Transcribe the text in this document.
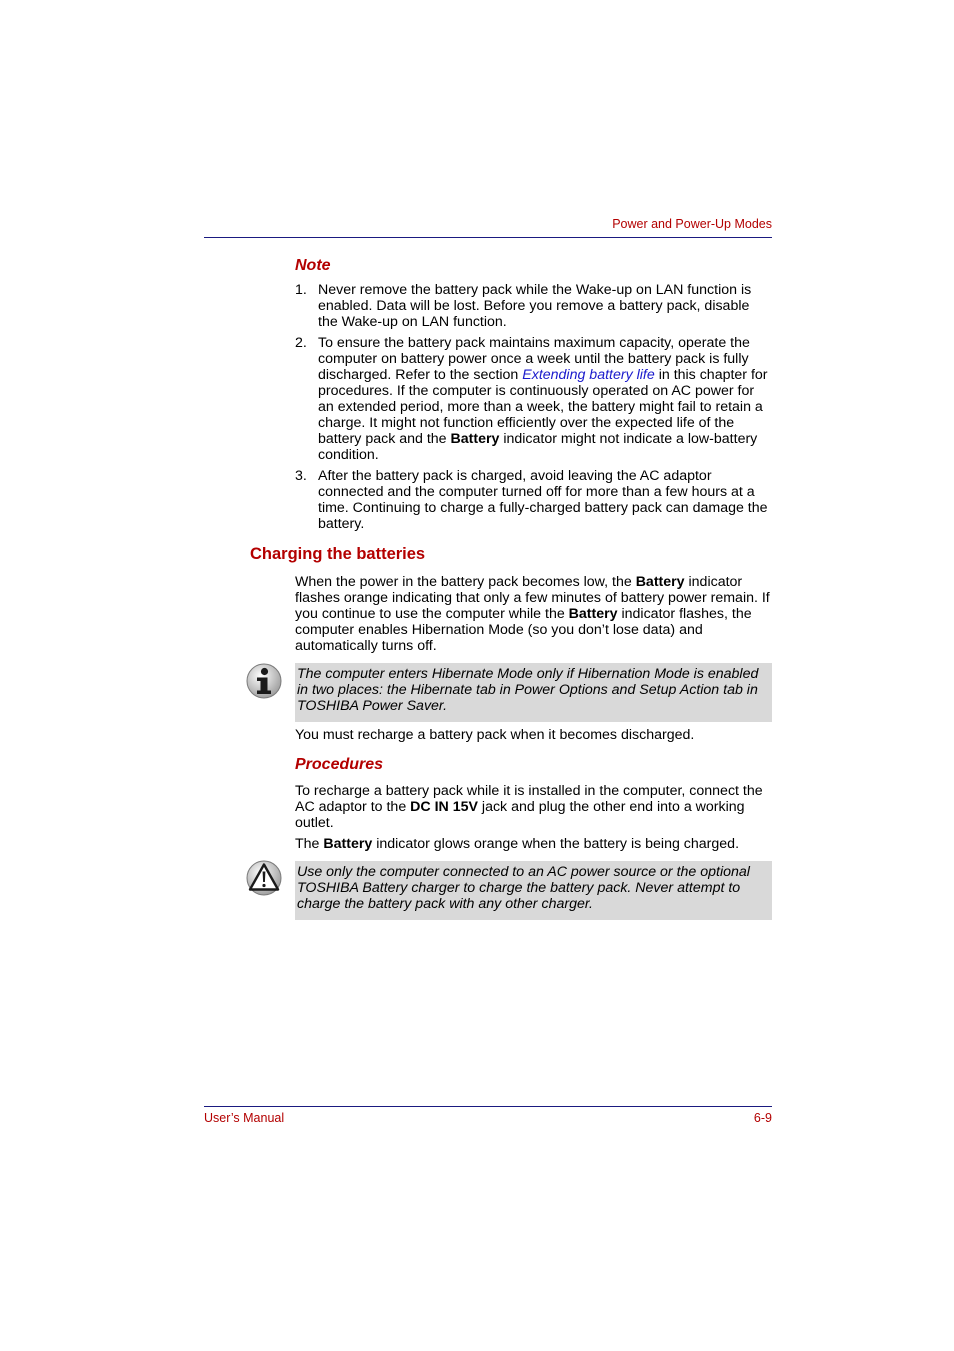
Power and Power-Up Modes
Note
1. Never remove the battery pack while the Wake-up on LAN function is enabled. Data will be lost. Before you remove a battery pack, disable the Wake-up on LAN function.
2. To ensure the battery pack maintains maximum capacity, operate the computer on battery power once a week until the battery pack is fully discharged. Refer to the section Extending battery life in this chapter for procedures. If the computer is continuously operated on AC power for an extended period, more than a week, the battery might fail to retain a charge. It might not function efficiently over the expected life of the battery pack and the Battery indicator might not indicate a low-battery condition.
3. After the battery pack is charged, avoid leaving the AC adaptor connected and the computer turned off for more than a few hours at a time. Continuing to charge a fully-charged battery pack can damage the battery.
Charging the batteries

When the power in the battery pack becomes low, the Battery indicator flashes orange indicating that only a few minutes of battery power remain. If you continue to use the computer while the Battery indicator flashes, the computer enables Hibernation Mode (so you don’t lose data) and automatically turns off.

The computer enters Hibernate Mode only if Hibernation Mode is enabled in two places: the Hibernate tab in Power Options and Setup Action tab in TOSHIBA Power Saver.

You must recharge a battery pack when it becomes discharged.

Procedures

To recharge a battery pack while it is installed in the computer, connect the AC adaptor to the DC IN 15V jack and plug the other end into a working outlet.

The Battery indicator glows orange when the battery is being charged.

Use only the computer connected to an AC power source or the optional TOSHIBA Battery charger to charge the battery pack. Never attempt to charge the battery pack with any other charger.
User’s Manual	6-9
